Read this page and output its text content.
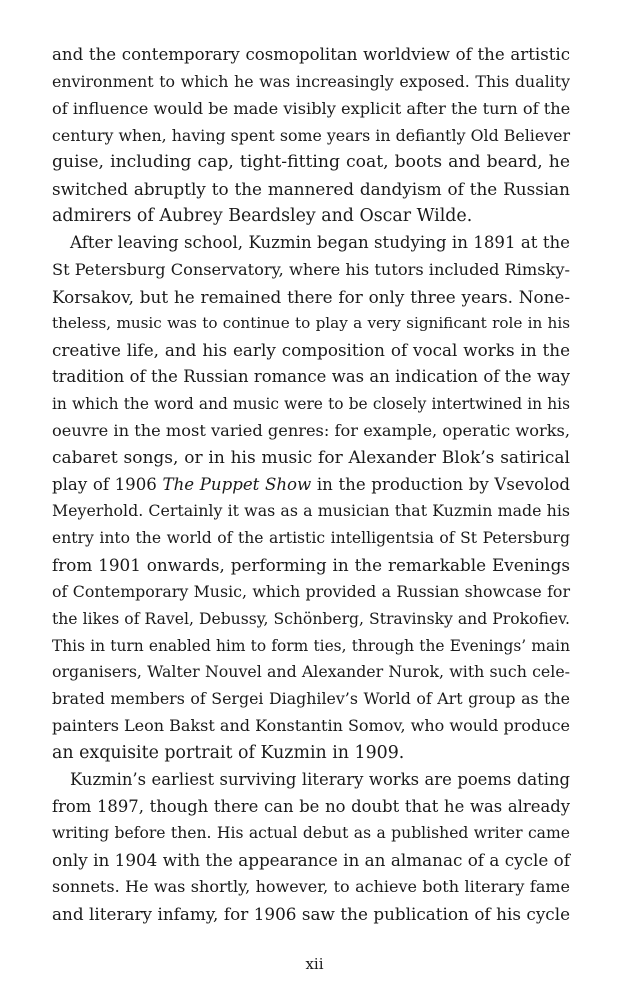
and the contemporary cosmopolitan worldview of the artistic
environment to which he was increasingly exposed. This duality
of influence would be made visibly explicit after the turn of the
century when, having spent some years in defiantly Old Believer
guise, including cap, tight-fitting coat, boots and beard, he
switched abruptly to the mannered dandyism of the Russian
admirers of Aubrey Beardsley and Oscar Wilde.

After leaving school, Kuzmin began studying in 1891 at the
St Petersburg Conservatory, where his tutors included Rimsky-
Korsakov, but he remained there for only three years. None-
theless, music was to continue to play a very significant role in his
creative life, and his early composition of vocal works in the
tradition of the Russian romance was an indication of the way
in which the word and music were to be closely intertwined in his
oeuvre in the most varied genres: for example, operatic works,
cabaret songs, or in his music for Alexander Blok’s satirical
play of 1906 The Puppet Show in the production by Vsevolod
Meyerhold. Certainly it was as a musician that Kuzmin made his
entry into the world of the artistic intelligentsia of St Petersburg
from 1901 onwards, performing in the remarkable Evenings
of Contemporary Music, which provided a Russian showcase for
the likes of Ravel, Debussy, Schönberg, Stravinsky and Prokofiev.
This in turn enabled him to form ties, through the Evenings’ main
organisers, Walter Nouvel and Alexander Nurok, with such cele-
brated members of Sergei Diaghilev’s World of Art group as the
painters Leon Bakst and Konstantin Somov, who would produce
an exquisite portrait of Kuzmin in 1909.

Kuzmin’s earliest surviving literary works are poems dating
from 1897, though there can be no doubt that he was already
writing before then. His actual debut as a published writer came
only in 1904 with the appearance in an almanac of a cycle of
sonnets. He was shortly, however, to achieve both literary fame
and literary infamy, for 1906 saw the publication of his cycle

xii
